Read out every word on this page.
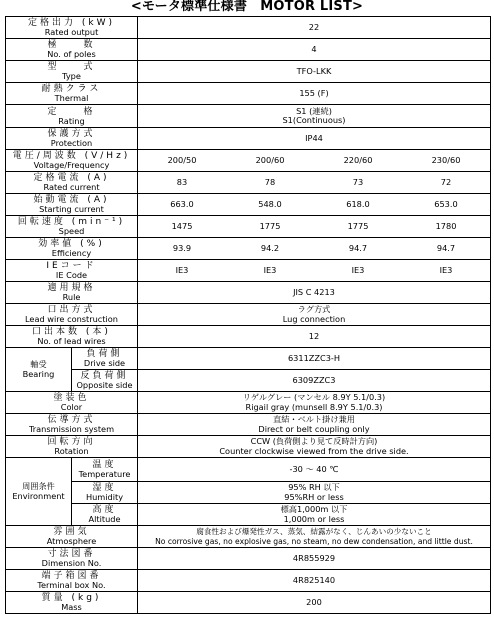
<モータ標準仕様書　MOTOR LIST>
定格出力 (kW)
Rated output		22

極　　数
No. of poles		4

型　　式
Type		TFO-LKK

耐熱クラス
Thermal		155 (F)

定　　格
Rating		S1 (連続)
S1(Continuous)

保護方式
Protection		IP44

電圧/周波数 (V/Hz)
Voltage/Frequency		200/50 200/60 220/60 230/60

定格電流 (A)
Rated current		83 78 73 72

始動電流 (A)
Starting current		663.0 548.0 618.0 653.0

回転速度 (min⁻¹)
Speed		1475 1775 1775 1780

効率値 (%)
Efficiency		93.9 94.2 94.7 94.7

IEコード
IE Code		IE3 IE3 IE3 IE3

適用規格
Rule		JIS C 4213

口出方式
Lead wire construction		ラグ方式
Lug connection

口出本数 (本)
No. of lead wires		12

軸受
Bearing	負荷側
Drive side	6311ZZC3-H

	反負荷側
Opposite side	6309ZZC3

塗装色
Color		リゲルグレー (マンセル 8.9Y 5.1/0.3)
Rigail gray (munsell 8.9Y 5.1/0.3)

伝導方式
Transmission system		直結・ベルト掛け兼用
Direct or belt coupling only

回転方向
Rotation		CCW (負荷側より見て反時計方向)
Counter clockwise viewed from the drive side.

周囲条件
Environment	温度
Temperature	-30 ～ 40 ℃

	湿度
Humidity	95% RH 以下
95%RH or less

	高度
Altitude	標高1,000m 以下
1,000m or less

雰囲気
Atmosphere		腐食性および爆発性ガス、蒸気、結露がなく、じんあいの少ないこと
No corrosive gas, no explosive gas, no steam, no dew condensation, and little dust.

寸法図番
Dimension No.		4R855929

端子箱図番
Terminal box No.		4R825140

質量 (kg)
Mass		200
